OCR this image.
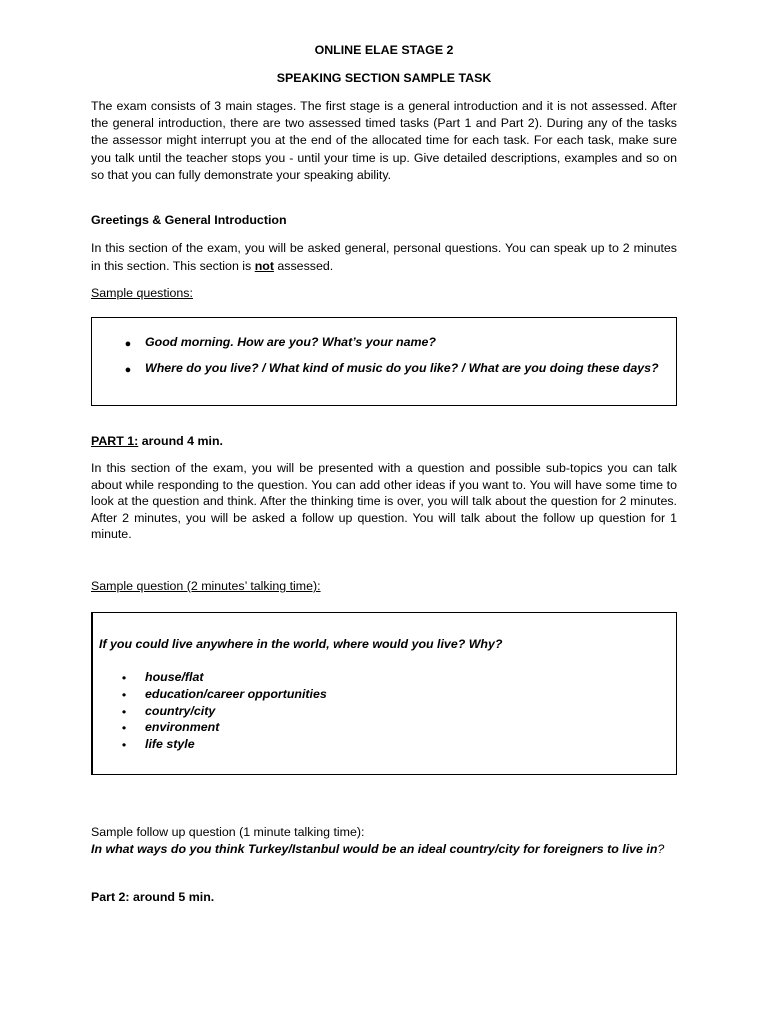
ONLINE ELAE STAGE 2
SPEAKING SECTION SAMPLE TASK
The exam consists of 3 main stages. The first stage is a general introduction and it is not assessed. After the general introduction, there are two assessed timed tasks (Part 1 and Part 2). During any of the tasks the assessor might interrupt you at the end of the allocated time for each task. For each task, make sure you talk until the teacher stops you - until your time is up. Give detailed descriptions, examples and so on so that you can fully demonstrate your speaking ability.
Greetings & General Introduction
In this section of the exam, you will be asked general, personal questions. You can speak up to 2 minutes in this section. This section is not assessed.
Sample questions:
● Good morning. How are you? What’s your name?
● Where do you live? / What kind of music do you like? / What are you doing these days?
PART 1: around 4 min.
In this section of the exam, you will be presented with a question and possible sub-topics you can talk about while responding to the question. You can add other ideas if you want to. You will have some time to look at the question and think. After the thinking time is over, you will talk about the question for 2 minutes. After 2 minutes, you will be asked a follow up question. You will talk about the follow up question for 1 minute.
Sample question (2 minutes’ talking time):
If you could live anywhere in the world, where would you live? Why?
• house/flat
• education/career opportunities
• country/city
• environment
• life style
Sample follow up question (1 minute talking time):
In what ways do you think Turkey/Istanbul would be an ideal country/city for foreigners to live in?
Part 2: around 5 min.
